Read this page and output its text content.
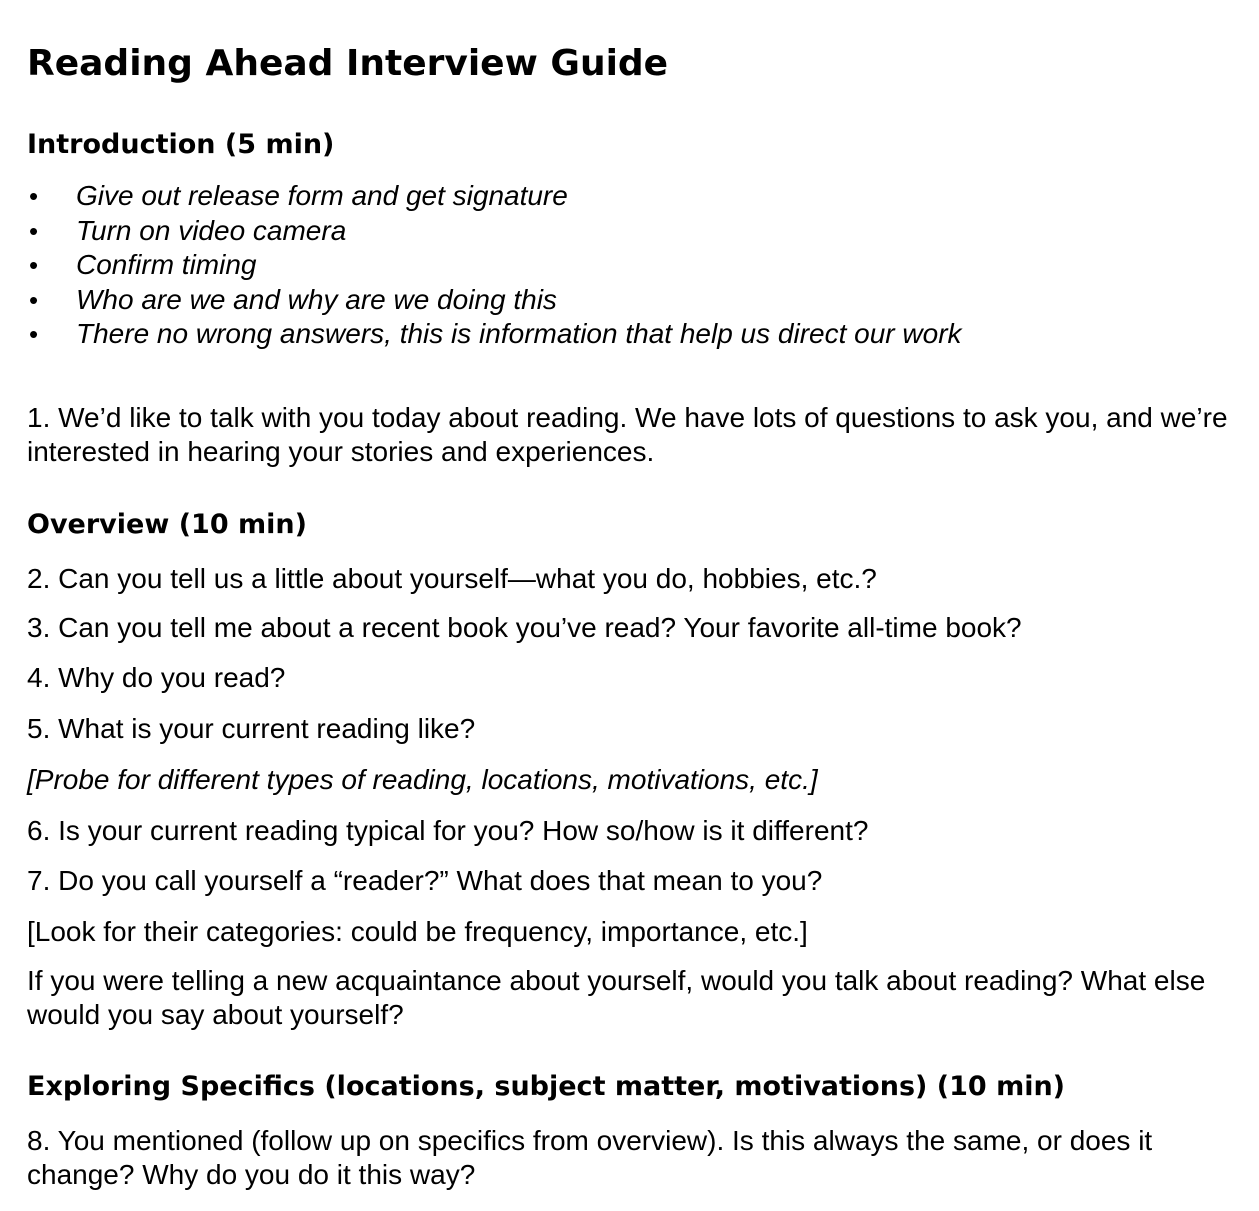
Reading Ahead Interview Guide
Introduction (5 min)
• Give out release form and get signature
• Turn on video camera
• Confirm timing
• Who are we and why are we doing this
• There no wrong answers, this is information that help us direct our work

1. We’d like to talk with you today about reading. We have lots of questions to ask you, and we’re interested in hearing your stories and experiences.

Overview (10 min)

2. Can you tell us a little about yourself—what you do, hobbies, etc.?

3. Can you tell me about a recent book you’ve read? Your favorite all-time book?

4. Why do you read?

5. What is your current reading like?

[Probe for different types of reading, locations, motivations, etc.]

6. Is your current reading typical for you? How so/how is it different?

7. Do you call yourself a “reader?” What does that mean to you?

[Look for their categories: could be frequency, importance, etc.]

If you were telling a new acquaintance about yourself, would you talk about reading? What else would you say about yourself?

Exploring Specifics (locations, subject matter, motivations) (10 min)

8. You mentioned (follow up on specifics from overview). Is this always the same, or does it change? Why do you do it this way?
